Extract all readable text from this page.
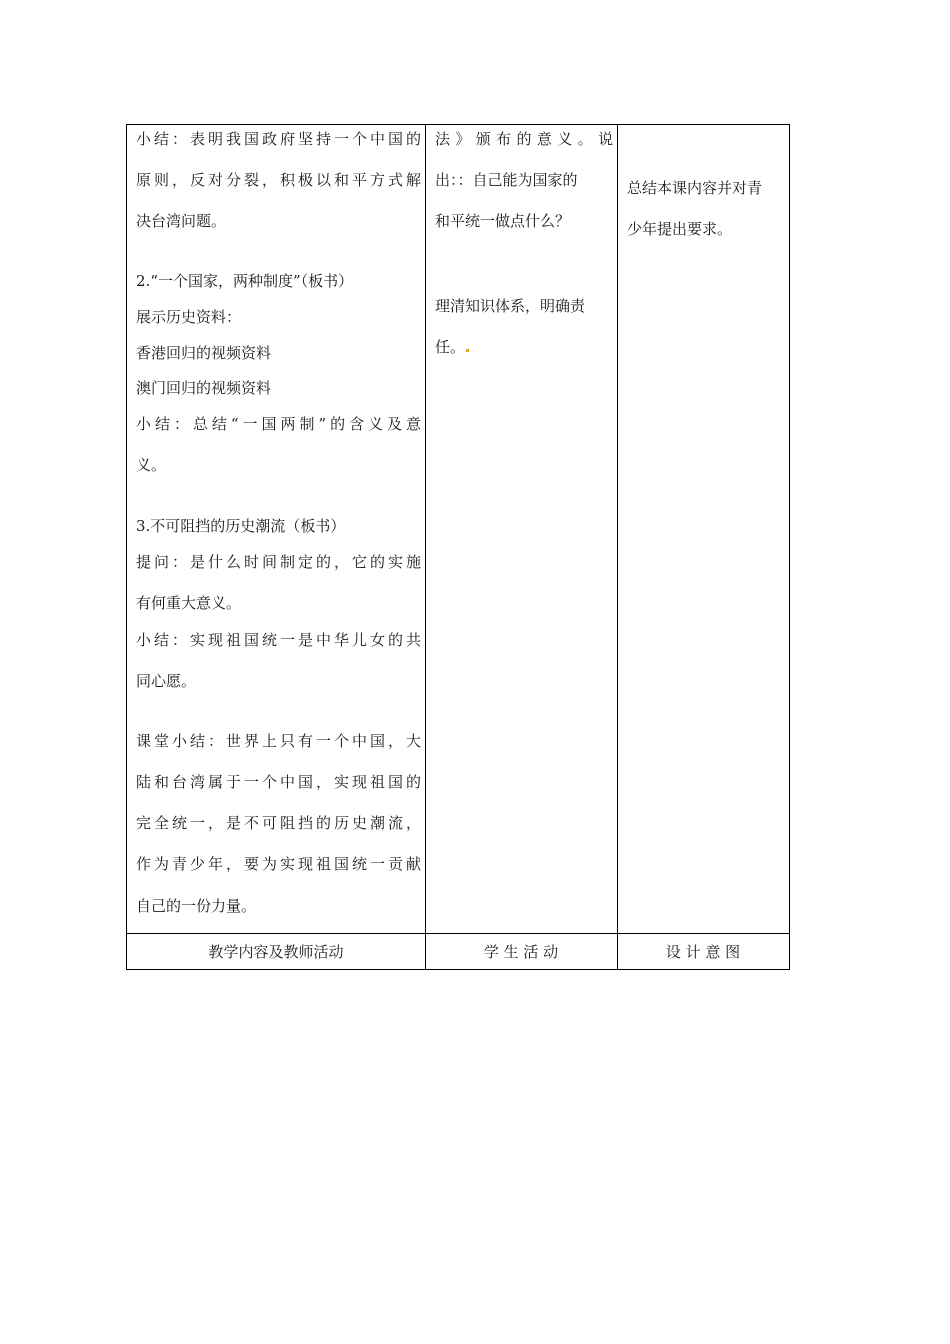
小结：表明我国政府坚持一个中国的
原则，反对分裂，积极以和平方式解
决台湾问题。
2.“一个国家，两种制度”（板书）
展示历史资料：
香港回归的视频资料
澳门回归的视频资料
小结：总结“一国两制”的含义及意
义。
3.不可阻挡的历史潮流（板书）
提问：是什么时间制定的，它的实施
有何重大意义。
小结：实现祖国统一是中华儿女的共
同心愿。
课堂小结：世界上只有一个中国，大
陆和台湾属于一个中国，实现祖国的
完全统一，是不可阻挡的历史潮流，
作为青少年，要为实现祖国统一贡献
自己的一份力量。
法》颁布的意义。说
出：：自己能为国家的
和平统一做点什么？
理清知识体系，明确责
任。
总结本课内容并对青
少年提出要求。
教学内容及教师活动	学 生 活 动	设 计 意 图
